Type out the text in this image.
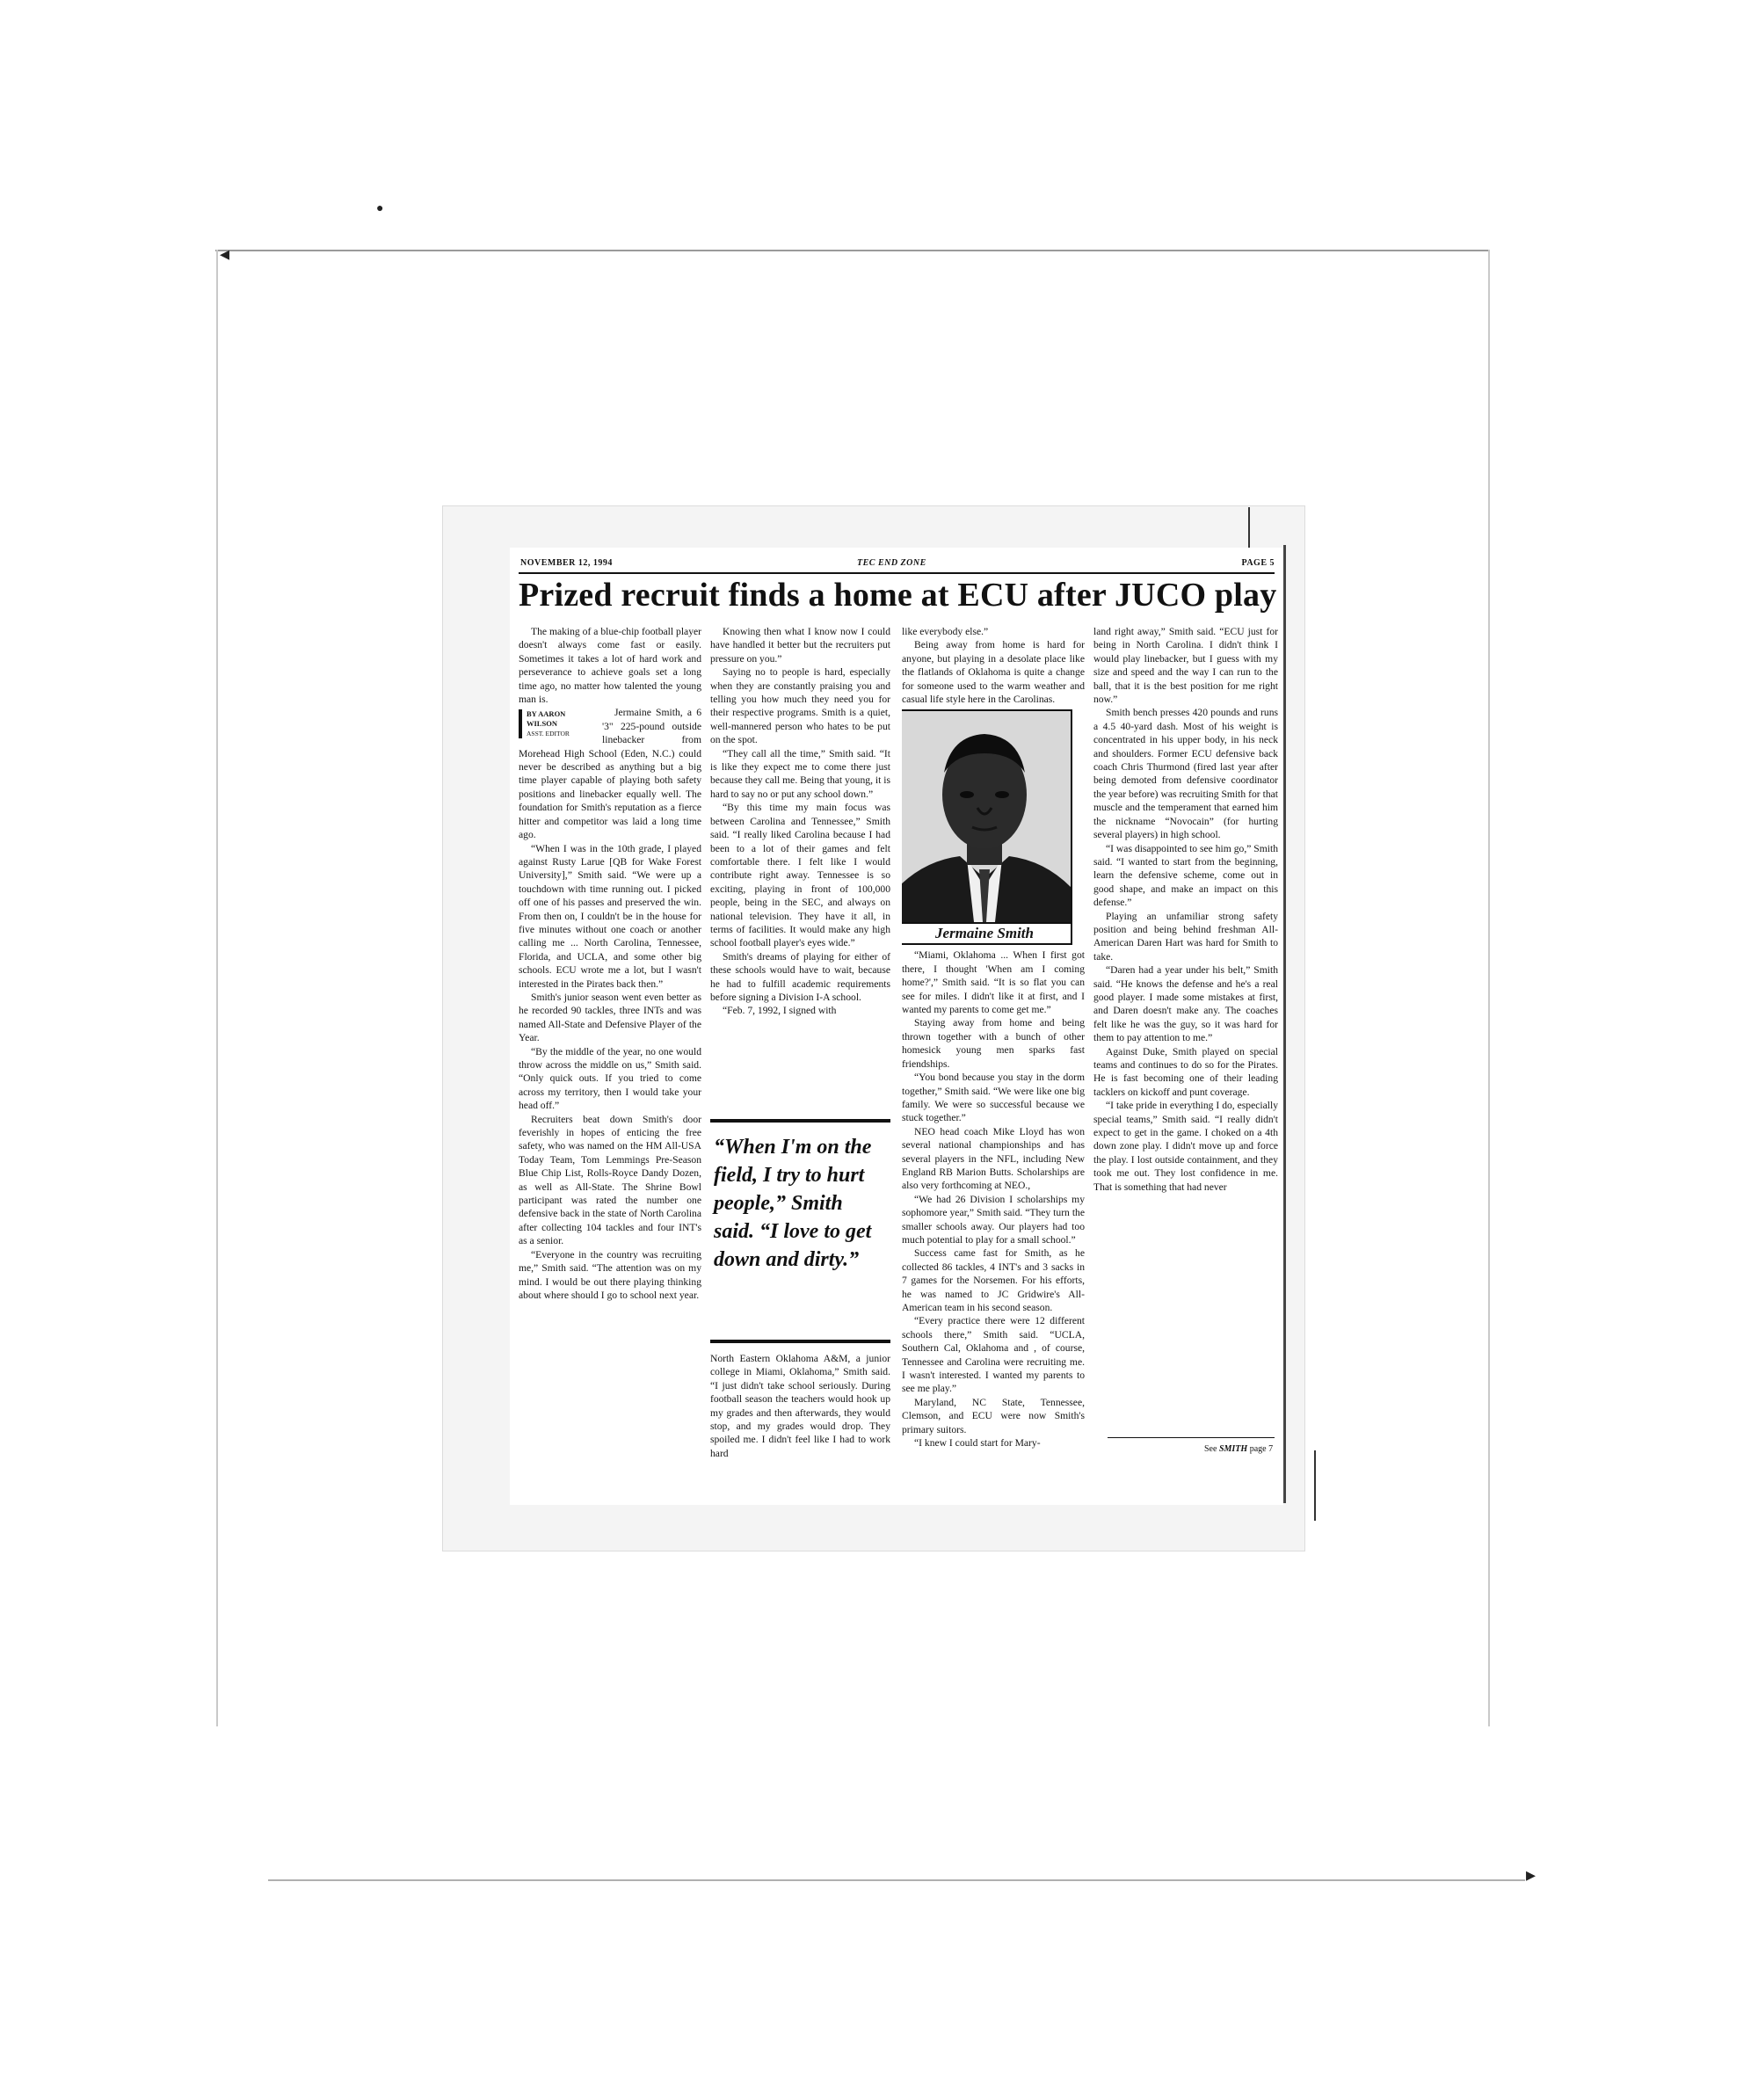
◂
▸
●
NOVEMBER 12, 1994	TEC END ZONE	PAGE 5
Prized recruit finds a home at ECU after JUCO play

The making of a blue-chip football player doesn't always come fast or easily. Sometimes it takes a lot of hard work and perseverance to achieve goals set a long time ago, no matter how talented the young man is.

BY AARON
WILSON
ASST. EDITOR

Jermaine Smith, a 6 '3" 225-pound outside linebacker from Morehead High School (Eden, N.C.) could never be described as anything but a big time player capable of playing both safety positions and linebacker equally well. The foundation for Smith's reputation as a fierce hitter and competitor was laid a long time ago.

“When I was in the 10th grade, I played against Rusty Larue [QB for Wake Forest University],” Smith said. “We were up a touchdown with time running out. I picked off one of his passes and preserved the win. From then on, I couldn't be in the house for five minutes without one coach or another calling me ... North Carolina, Tennessee, Florida, and UCLA, and some other big schools. ECU wrote me a lot, but I wasn't interested in the Pirates back then.”

Smith's junior season went even better as he recorded 90 tackles, three INTs and was named All-State and Defensive Player of the Year.

“By the middle of the year, no one would throw across the middle on us,” Smith said. “Only quick outs. If you tried to come across my territory, then I would take your head off.”

Recruiters beat down Smith's door feverishly in hopes of enticing the free safety, who was named on the HM All-USA Today Team, Tom Lemmings Pre-Season Blue Chip List, Rolls-Royce Dandy Dozen, as well as All-State. The Shrine Bowl participant was rated the number one defensive back in the state of North Carolina after collecting 104 tackles and four INT's as a senior.

“Everyone in the country was recruiting me,” Smith said. “The attention was on my mind. I would be out there playing thinking about where should I go to school next year.

Knowing then what I know now I could have handled it better but the recruiters put pressure on you.”

Saying no to people is hard, especially when they are constantly praising you and telling you how much they need you for their respective programs. Smith is a quiet, well-mannered person who hates to be put on the spot.

“They call all the time,” Smith said. “It is like they expect me to come there just because they call me. Being that young, it is hard to say no or put any school down.”

“By this time my main focus was between Carolina and Tennessee,” Smith said. “I really liked Carolina because I had been to a lot of their games and felt comfortable there. I felt like I would contribute right away. Tennessee is so exciting, playing in front of 100,000 people, being in the SEC, and always on national television. They have it all, in terms of facilities. It would make any high school football player's eyes wide.”

Smith's dreams of playing for either of these schools would have to wait, because he had to fulfill academic requirements before signing a Division I-A school.

“Feb. 7, 1992, I signed with

“When I'm on the field, I try to hurt people,” Smith said. “I love to get down and dirty.”

North Eastern Oklahoma A&M, a junior college in Miami, Oklahoma,” Smith said. “I just didn't take school seriously. During football season the teachers would hook up my grades and then afterwards, they would stop, and my grades would drop. They spoiled me. I didn't feel like I had to work hard

like everybody else.”

Being away from home is hard for anyone, but playing in a desolate place like the flatlands of Oklahoma is quite a change for someone used to the warm weather and casual life style here in the Carolinas.

Jermaine Smith

“Miami, Oklahoma ... When I first got there, I thought 'When am I coming home?',” Smith said. “It is so flat you can see for miles. I didn't like it at first, and I wanted my parents to come get me.”

Staying away from home and being thrown together with a bunch of other homesick young men sparks fast friendships.

“You bond because you stay in the dorm together,” Smith said. “We were like one big family. We were so successful because we stuck together.”

NEO head coach Mike Lloyd has won several national championships and has several players in the NFL, including New England RB Marion Butts. Scholarships are also very forthcoming at NEO.,

“We had 26 Division I scholarships my sophomore year,” Smith said. “They turn the smaller schools away. Our players had too much potential to play for a small school.”

Success came fast for Smith, as he collected 86 tackles, 4 INT's and 3 sacks in 7 games for the Norsemen. For his efforts, he was named to JC Gridwire's All-American team in his second season.

“Every practice there were 12 different schools there,” Smith said. “UCLA, Southern Cal, Oklahoma and , of course, Tennessee and Carolina were recruiting me. I wasn't interested. I wanted my parents to see me play.”

Maryland, NC State, Tennessee, Clemson, and ECU were now Smith's primary suitors.

“I knew I could start for Mary-

land right away,” Smith said. “ECU just for being in North Carolina. I didn't think I would play linebacker, but I guess with my size and speed and the way I can run to the ball, that it is the best position for me right now.”

Smith bench presses 420 pounds and runs a 4.5 40-yard dash. Most of his weight is concentrated in his upper body, in his neck and shoulders. Former ECU defensive back coach Chris Thurmond (fired last year after being demoted from defensive coordinator the year before) was recruiting Smith for that muscle and the temperament that earned him the nickname “Novocain” (for hurting several players) in high school.

“I was disappointed to see him go,” Smith said. “I wanted to start from the beginning, learn the defensive scheme, come out in good shape, and make an impact on this defense.”

Playing an unfamiliar strong safety position and being behind freshman All-American Daren Hart was hard for Smith to take.

“Daren had a year under his belt,” Smith said. “He knows the defense and he's a real good player. I made some mistakes at first, and Daren doesn't make any. The coaches felt like he was the guy, so it was hard for them to pay attention to me.”

Against Duke, Smith played on special teams and continues to do so for the Pirates. He is fast becoming one of their leading tacklers on kickoff and punt coverage.

“I take pride in everything I do, especially special teams,” Smith said. “I really didn't expect to get in the game. I choked on a 4th down zone play. I didn't move up and force the play. I lost outside containment, and they took me out. They lost confidence in me. That is something that had never

See SMITH page 7
